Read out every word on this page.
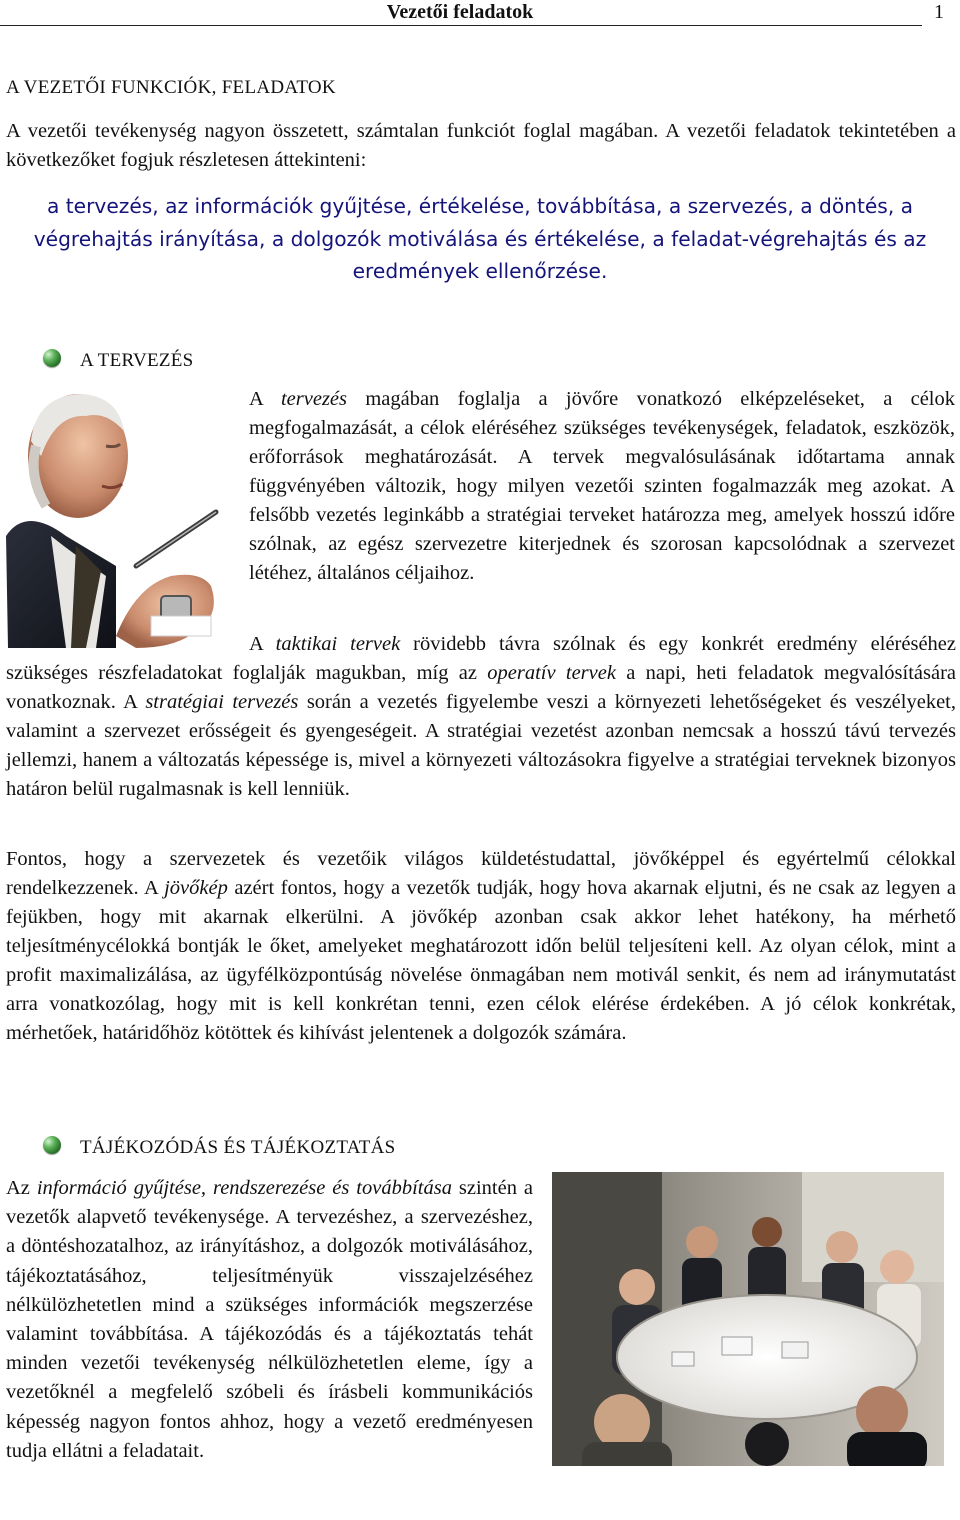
Vezetői feladatok	1
A VEZETŐI FUNKCIÓK, FELADATOK

A vezetői tevékenység nagyon összetett, számtalan funkciót foglal magában. A vezetői feladatok tekintetében a következőket fogjuk részletesen áttekinteni:

a tervezés, az információk gyűjtése, értékelése, továbbítása, a szervezés, a döntés, a végrehajtás irányítása, a dolgozók motiválása és értékelése, a feladat-végrehajtás és az eredmények ellenőrzése.
A TERVEZÉS

A tervezés magában foglalja a jövőre vonatkozó elképzeléseket, a célok megfogalmazását, a célok eléréséhez szükséges tevékenységek, feladatok, eszközök, erőforrások meghatározását. A tervek megvalósulásának időtartama annak függvényében változik, hogy milyen vezetői szinten fogalmazzák meg azokat. A felsőbb vezetés leginkább a stratégiai terveket határozza meg, amelyek hosszú időre szólnak, az egész szervezetre kiterjednek és szorosan kapcsolódnak a szervezet létéhez, általános céljaihoz.

A taktikai tervek rövidebb távra szólnak és egy konkrét eredmény eléréséhez szükséges részfeladatokat foglalják magukban, míg az operatív tervek a napi, heti feladatok megvalósítására vonatkoznak. A stratégiai tervezés során a vezetés figyelembe veszi a környezeti lehetőségeket és veszélyeket, valamint a szervezet erősségeit és gyengeségeit. A stratégiai vezetést azonban nemcsak a hosszú távú tervezés jellemzi, hanem a változatás képessége is, mivel a környezeti változásokra figyelve a stratégiai terveknek bizonyos határon belül rugalmasnak is kell lenniük.

Fontos, hogy a szervezetek és vezetőik világos küldetéstudattal, jövőképpel és egyértelmű célokkal rendelkezzenek. A jövőkép azért fontos, hogy a vezetők tudják, hogy hova akarnak eljutni, és ne csak az legyen a fejükben, hogy mit akarnak elkerülni. A jövőkép azonban csak akkor lehet hatékony, ha mérhető teljesítménycélokká bontják le őket, amelyeket meghatározott időn belül teljesíteni kell. Az olyan célok, mint a profit maximalizálása, az ügyfélközpontúság növelése önmagában nem motivál senkit, és nem ad iránymutatást arra vonatkozólag, hogy mit is kell konkrétan tenni, ezen célok elérése érdekében. A jó célok konkrétak, mérhetőek, határidőhöz kötöttek és kihívást jelentenek a dolgozók számára.

TÁJÉKOZÓDÁS ÉS TÁJÉKOZTATÁS

Az információ gyűjtése, rendszerezése és továbbítása szintén a vezetők alapvető tevékenysége. A tervezéshez, a szervezéshez, a döntéshozatalhoz, az irányításhoz, a dolgozók motiválásához, tájékoztatásához, teljesítményük visszajelzéséhez nélkülözhetetlen mind a szükséges információk megszerzése valamint továbbítása. A tájékozódás és a tájékoztatás tehát minden vezetői tevékenység nélkülözhetetlen eleme, így a vezetőknél a megfelelő szóbeli és írásbeli kommunikációs képesség nagyon fontos ahhoz, hogy a vezető eredményesen tudja ellátni a feladatait.
